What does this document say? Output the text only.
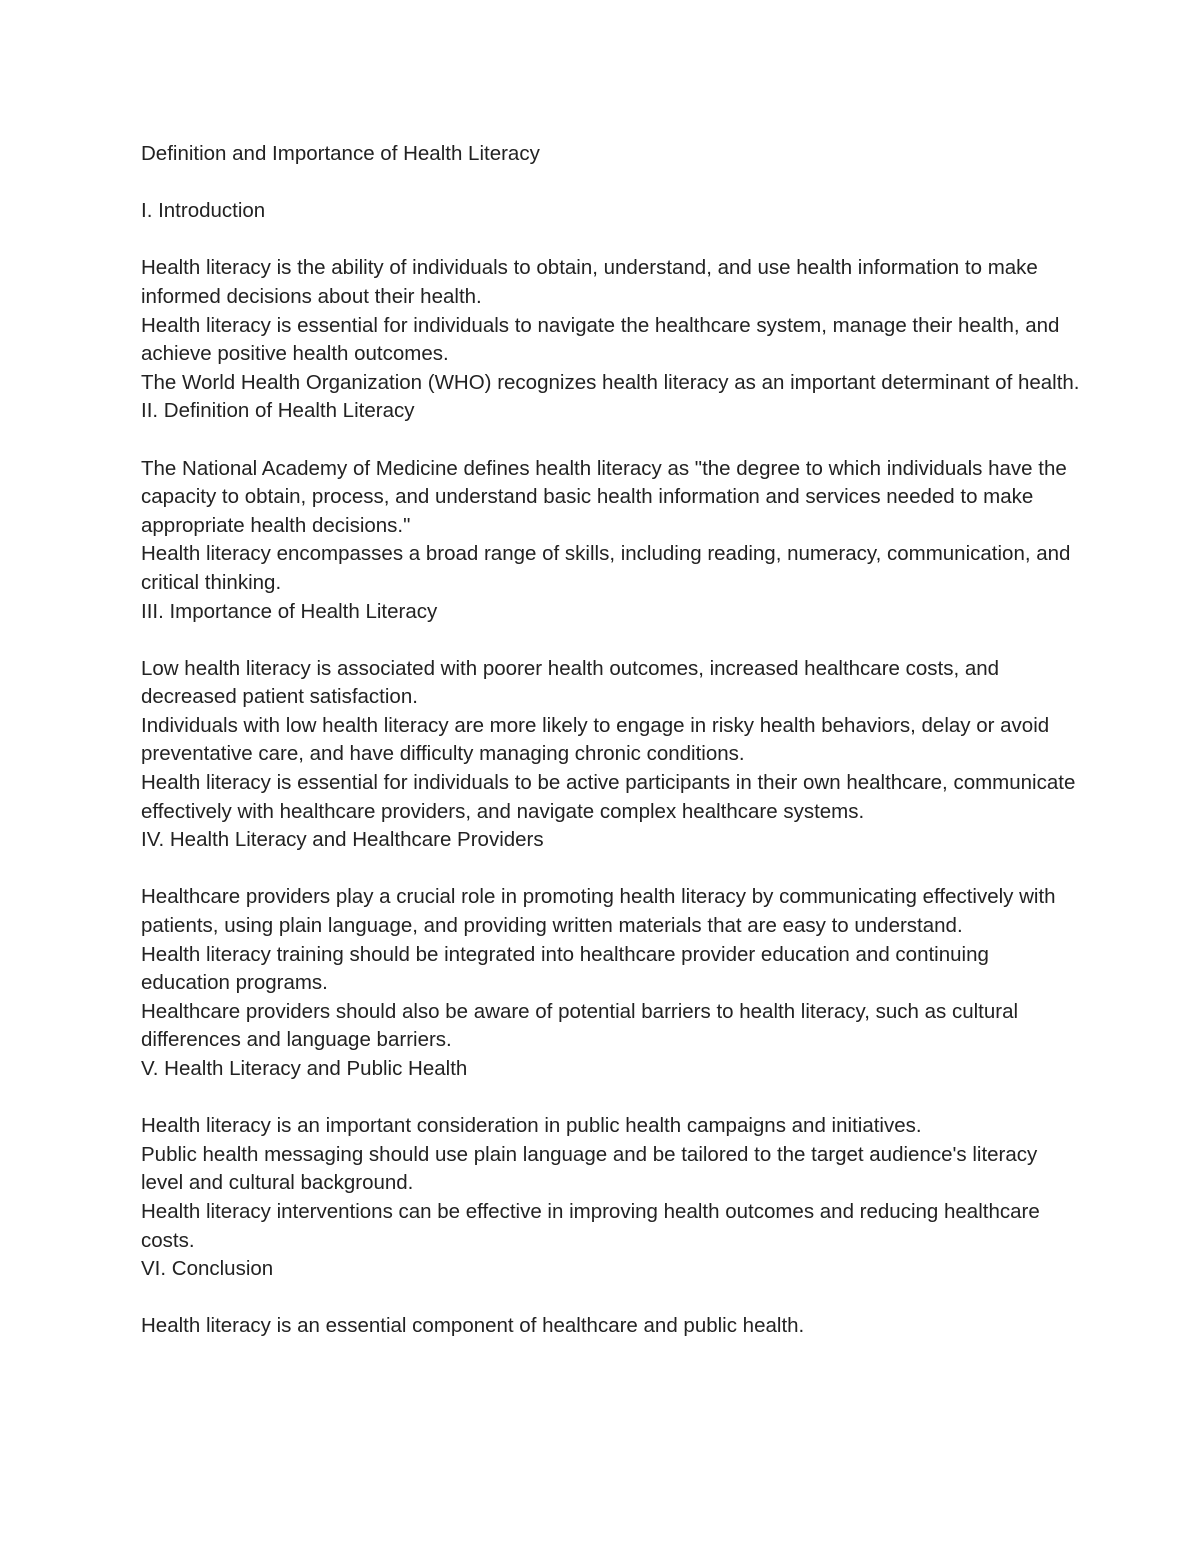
Definition and Importance of Health Literacy
I. Introduction
Health literacy is the ability of individuals to obtain, understand, and use health information to make informed decisions about their health.
Health literacy is essential for individuals to navigate the healthcare system, manage their health, and achieve positive health outcomes.
The World Health Organization (WHO) recognizes health literacy as an important determinant of health.
II. Definition of Health Literacy
The National Academy of Medicine defines health literacy as "the degree to which individuals have the capacity to obtain, process, and understand basic health information and services needed to make appropriate health decisions."
Health literacy encompasses a broad range of skills, including reading, numeracy, communication, and critical thinking.
III. Importance of Health Literacy
Low health literacy is associated with poorer health outcomes, increased healthcare costs, and decreased patient satisfaction.
Individuals with low health literacy are more likely to engage in risky health behaviors, delay or avoid preventative care, and have difficulty managing chronic conditions.
Health literacy is essential for individuals to be active participants in their own healthcare, communicate effectively with healthcare providers, and navigate complex healthcare systems.
IV. Health Literacy and Healthcare Providers
Healthcare providers play a crucial role in promoting health literacy by communicating effectively with patients, using plain language, and providing written materials that are easy to understand.
Health literacy training should be integrated into healthcare provider education and continuing education programs.
Healthcare providers should also be aware of potential barriers to health literacy, such as cultural differences and language barriers.
V. Health Literacy and Public Health
Health literacy is an important consideration in public health campaigns and initiatives.
Public health messaging should use plain language and be tailored to the target audience's literacy level and cultural background.
Health literacy interventions can be effective in improving health outcomes and reducing healthcare costs.
VI. Conclusion
Health literacy is an essential component of healthcare and public health.
